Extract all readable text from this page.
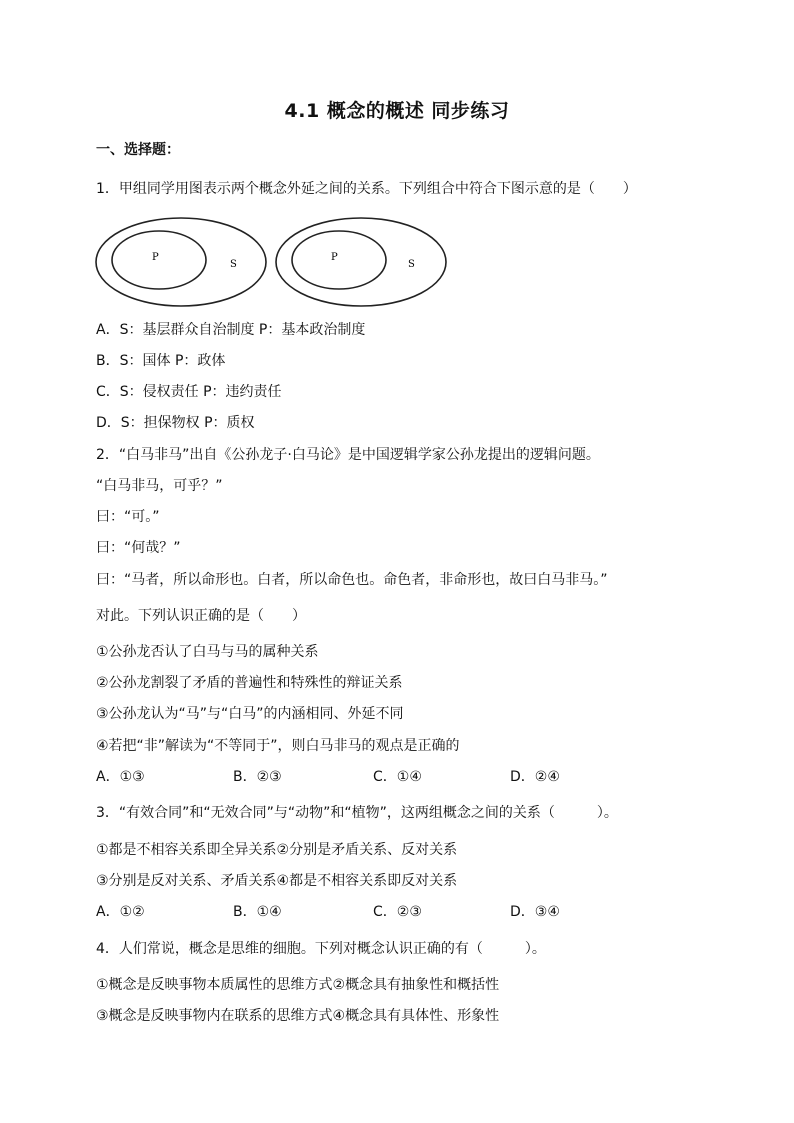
4.1 概念的概述 同步练习
一、选择题：
1．甲组同学用图表示两个概念外延之间的关系。下列组合中符合下图示意的是（　　）
P
S
P
S
A．S：基层群众自治制度 P：基本政治制度
B．S：国体 P：政体
C．S：侵权责任 P：违约责任
D．S：担保物权 P：质权
2．“白马非马”出自《公孙龙子·白马论》是中国逻辑学家公孙龙提出的逻辑问题。
“白马非马，可乎？”
曰：“可。”
曰：“何哉？”
曰：“马者，所以命形也。白者，所以命色也。命色者，非命形也，故曰白马非马。”
对此。下列认识正确的是（　　）
①公孙龙否认了白马与马的属种关系
②公孙龙割裂了矛盾的普遍性和特殊性的辩证关系
③公孙龙认为“马”与“白马”的内涵相同、外延不同
④若把“非”解读为“不等同于”，则白马非马的观点是正确的
A．①③	B．②③	C．①④	D．②④
3．“有效合同”和“无效合同”与“动物”和“植物”，这两组概念之间的关系（　　　）。
①都是不相容关系即全异关系②分别是矛盾关系、反对关系
③分别是反对关系、矛盾关系④都是不相容关系即反对关系
A．①②	B．①④	C．②③	D．③④
4．人们常说，概念是思维的细胞。下列对概念认识正确的有（　　　）。
①概念是反映事物本质属性的思维方式②概念具有抽象性和概括性
③概念是反映事物内在联系的思维方式④概念具有具体性、形象性
